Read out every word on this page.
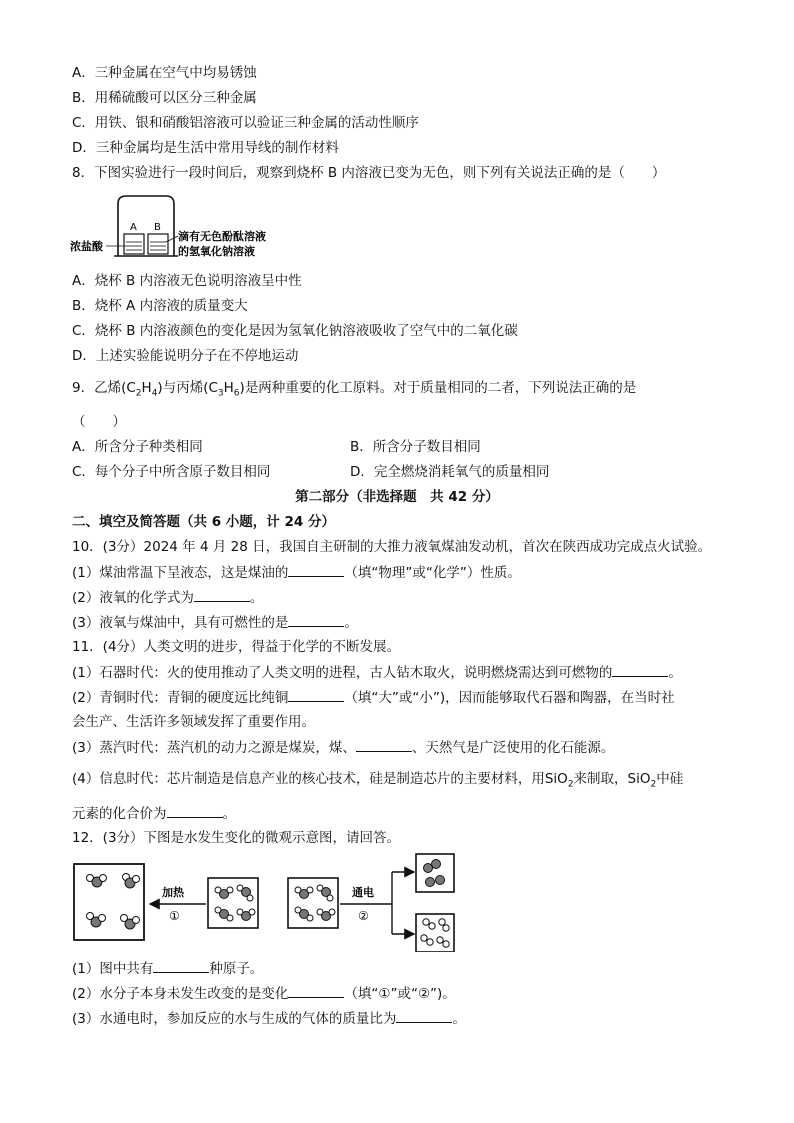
A．三种金属在空气中均易锈蚀
B．用稀硫酸可以区分三种金属
C．用铁、银和硝酸铝溶液可以验证三种金属的活动性顺序
D．三种金属均是生活中常用导线的制作材料
8．下图实验进行一段时间后，观察到烧杯 B 内溶液已变为无色，则下列有关说法正确的是（　　）
A B
浓盐酸
滴有无色酚酞溶液
的氢氧化钠溶液
A．烧杯 B 内溶液无色说明溶液呈中性
B．烧杯 A 内溶液的质量变大
C．烧杯 B 内溶液颜色的变化是因为氢氧化钠溶液吸收了空气中的二氧化碳
D．上述实验能说明分子在不停地运动
9．乙烯$(C_2H_4)$与丙烯$(C_3H_6)$是两种重要的化工原料。对于质量相同的二者，下列说法正确的是
（　　）
A．所含分子种类相同	B．所含分子数目相同
C．每个分子中所含原子数目相同	D．完全燃烧消耗氧气的质量相同
第二部分（非选择题　共 42 分）
二、填空及简答题（共 6 小题，计 24 分）
10．(3分）2024 年 4 月 28 日，我国自主研制的大推力液氧煤油发动机，首次在陕西成功完成点火试验。
(1）煤油常温下呈液态，这是煤油的	（填“物理”或“化学”）性质。
(2）液氧的化学式为	。
(3）液氧与煤油中，具有可燃性的是	。
11．(4分）人类文明的进步，得益于化学的不断发展。
(1）石器时代：火的使用推动了人类文明的进程，古人钻木取火，说明燃烧需达到可燃物的	。
(2）青铜时代：青铜的硬度远比纯铜	（填“大”或“小”)，因而能够取代石器和陶器，在当时社
会生产、生活许多领域发挥了重要作用。
(3）蒸汽时代：蒸汽机的动力之源是煤炭，煤、	、天然气是广泛使用的化石能源。
(4）信息时代：芯片制造是信息产业的核心技术，硅是制造芯片的主要材料，用SiO$_2$来制取，SiO$_2$中硅
元素的化合价为	。
12．(3分）下图是水发生变化的微观示意图，请回答。
加热
①
通电
②
(1）图中共有	种原子。
(2）水分子本身未发生改变的是变化	（填“①”或“②”)。
(3）水通电时，参加反应的水与生成的气体的质量比为	。
